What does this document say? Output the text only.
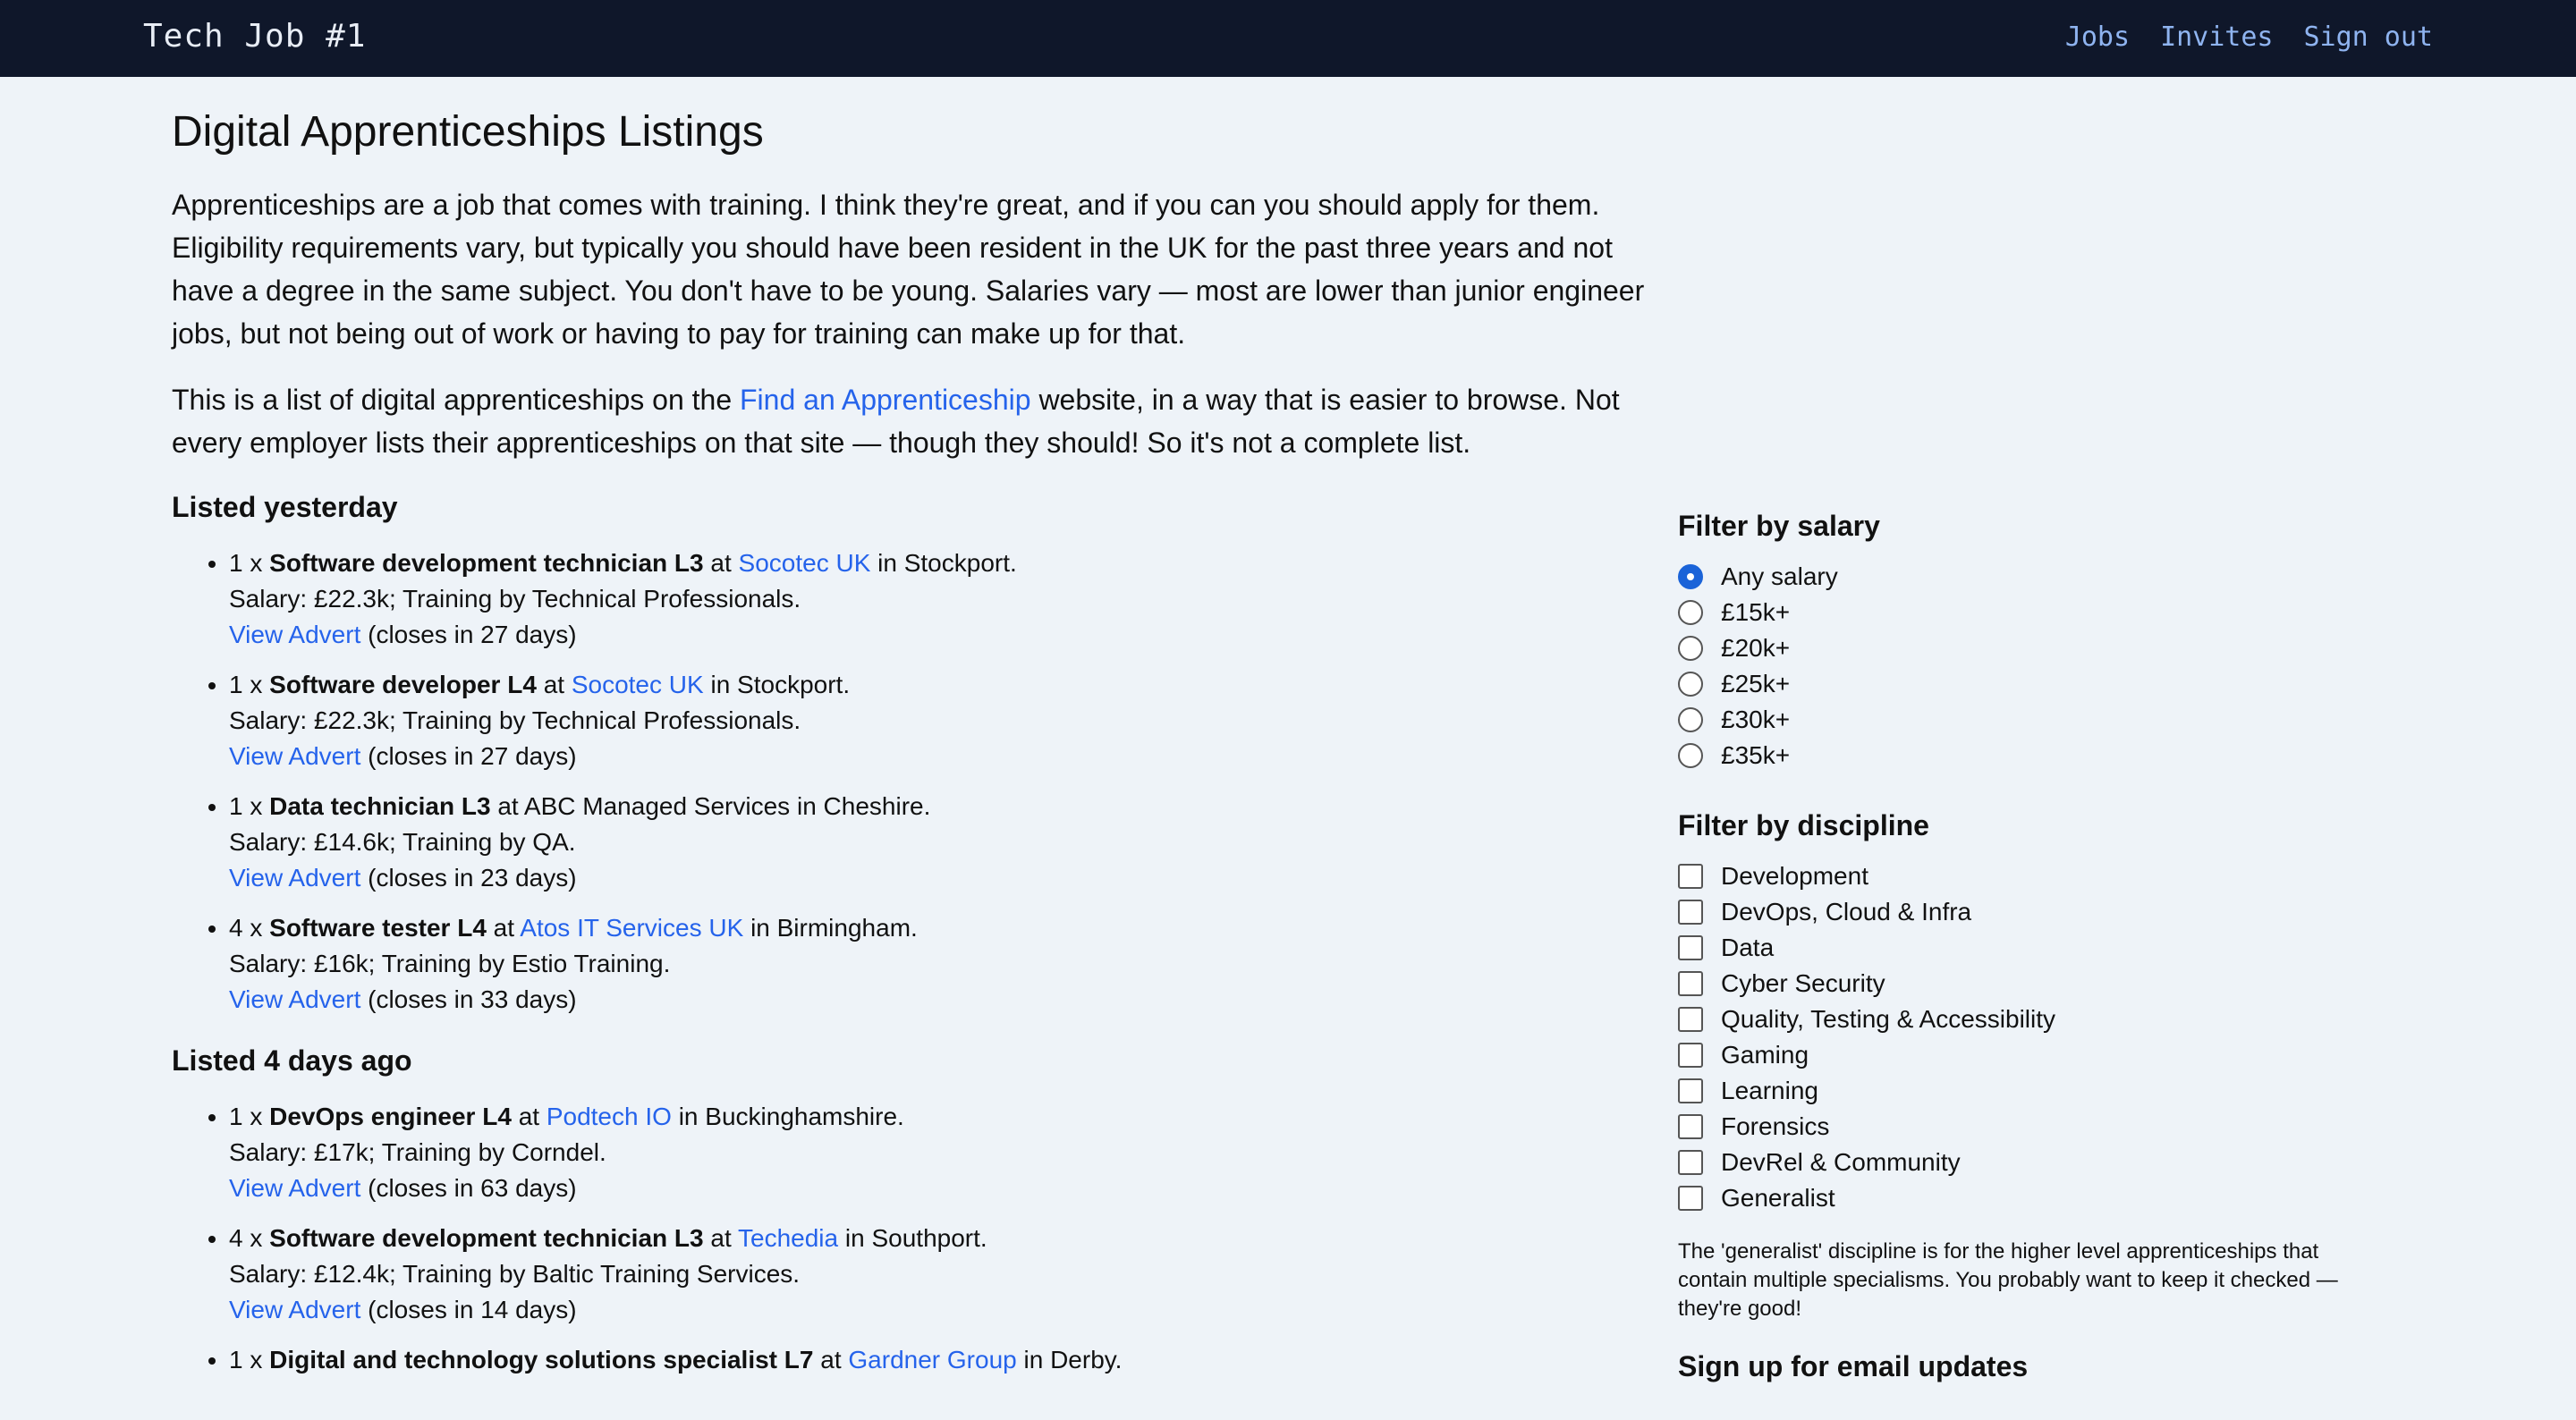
Tech Job #1	Jobs Invites Sign out
Digital Apprenticeships Listings

Apprenticeships are a job that comes with training. I think they're great, and if you can you should apply for them. Eligibility requirements vary, but typically you should have been resident in the UK for the past three years and not have a degree in the same subject. You don't have to be young. Salaries vary — most are lower than junior engineer jobs, but not being out of work or having to pay for training can make up for that.

This is a list of digital apprenticeships on the Find an Apprenticeship website, in a way that is easier to browse. Not every employer lists their apprenticeships on that site — though they should! So it's not a complete list.

Listed yesterday
• 1 x Software development technician L3 at Socotec UK in Stockport.
Salary: £22.3k; Training by Technical Professionals.
View Advert (closes in 27 days)
• 1 x Software developer L4 at Socotec UK in Stockport.
Salary: £22.3k; Training by Technical Professionals.
View Advert (closes in 27 days)
• 1 x Data technician L3 at ABC Managed Services in Cheshire.
Salary: £14.6k; Training by QA.
View Advert (closes in 23 days)
• 4 x Software tester L4 at Atos IT Services UK in Birmingham.
Salary: £16k; Training by Estio Training.
View Advert (closes in 33 days)
Listed 4 days ago
• 1 x DevOps engineer L4 at Podtech IO in Buckinghamshire.
Salary: £17k; Training by Corndel.
View Advert (closes in 63 days)
• 4 x Software development technician L3 at Techedia in Southport.
Salary: £12.4k; Training by Baltic Training Services.
View Advert (closes in 14 days)
• 1 x Digital and technology solutions specialist L7 at Gardner Group in Derby.
Filter by salary
Any salary
£15k+
£20k+
£25k+
£30k+
£35k+
Filter by discipline
Development
DevOps, Cloud & Infra
Data
Cyber Security
Quality, Testing & Accessibility
Gaming
Learning
Forensics
DevRel & Community
Generalist
The 'generalist' discipline is for the higher level apprenticeships that contain multiple specialisms. You probably want to keep it checked — they're good!
Sign up for email updates
